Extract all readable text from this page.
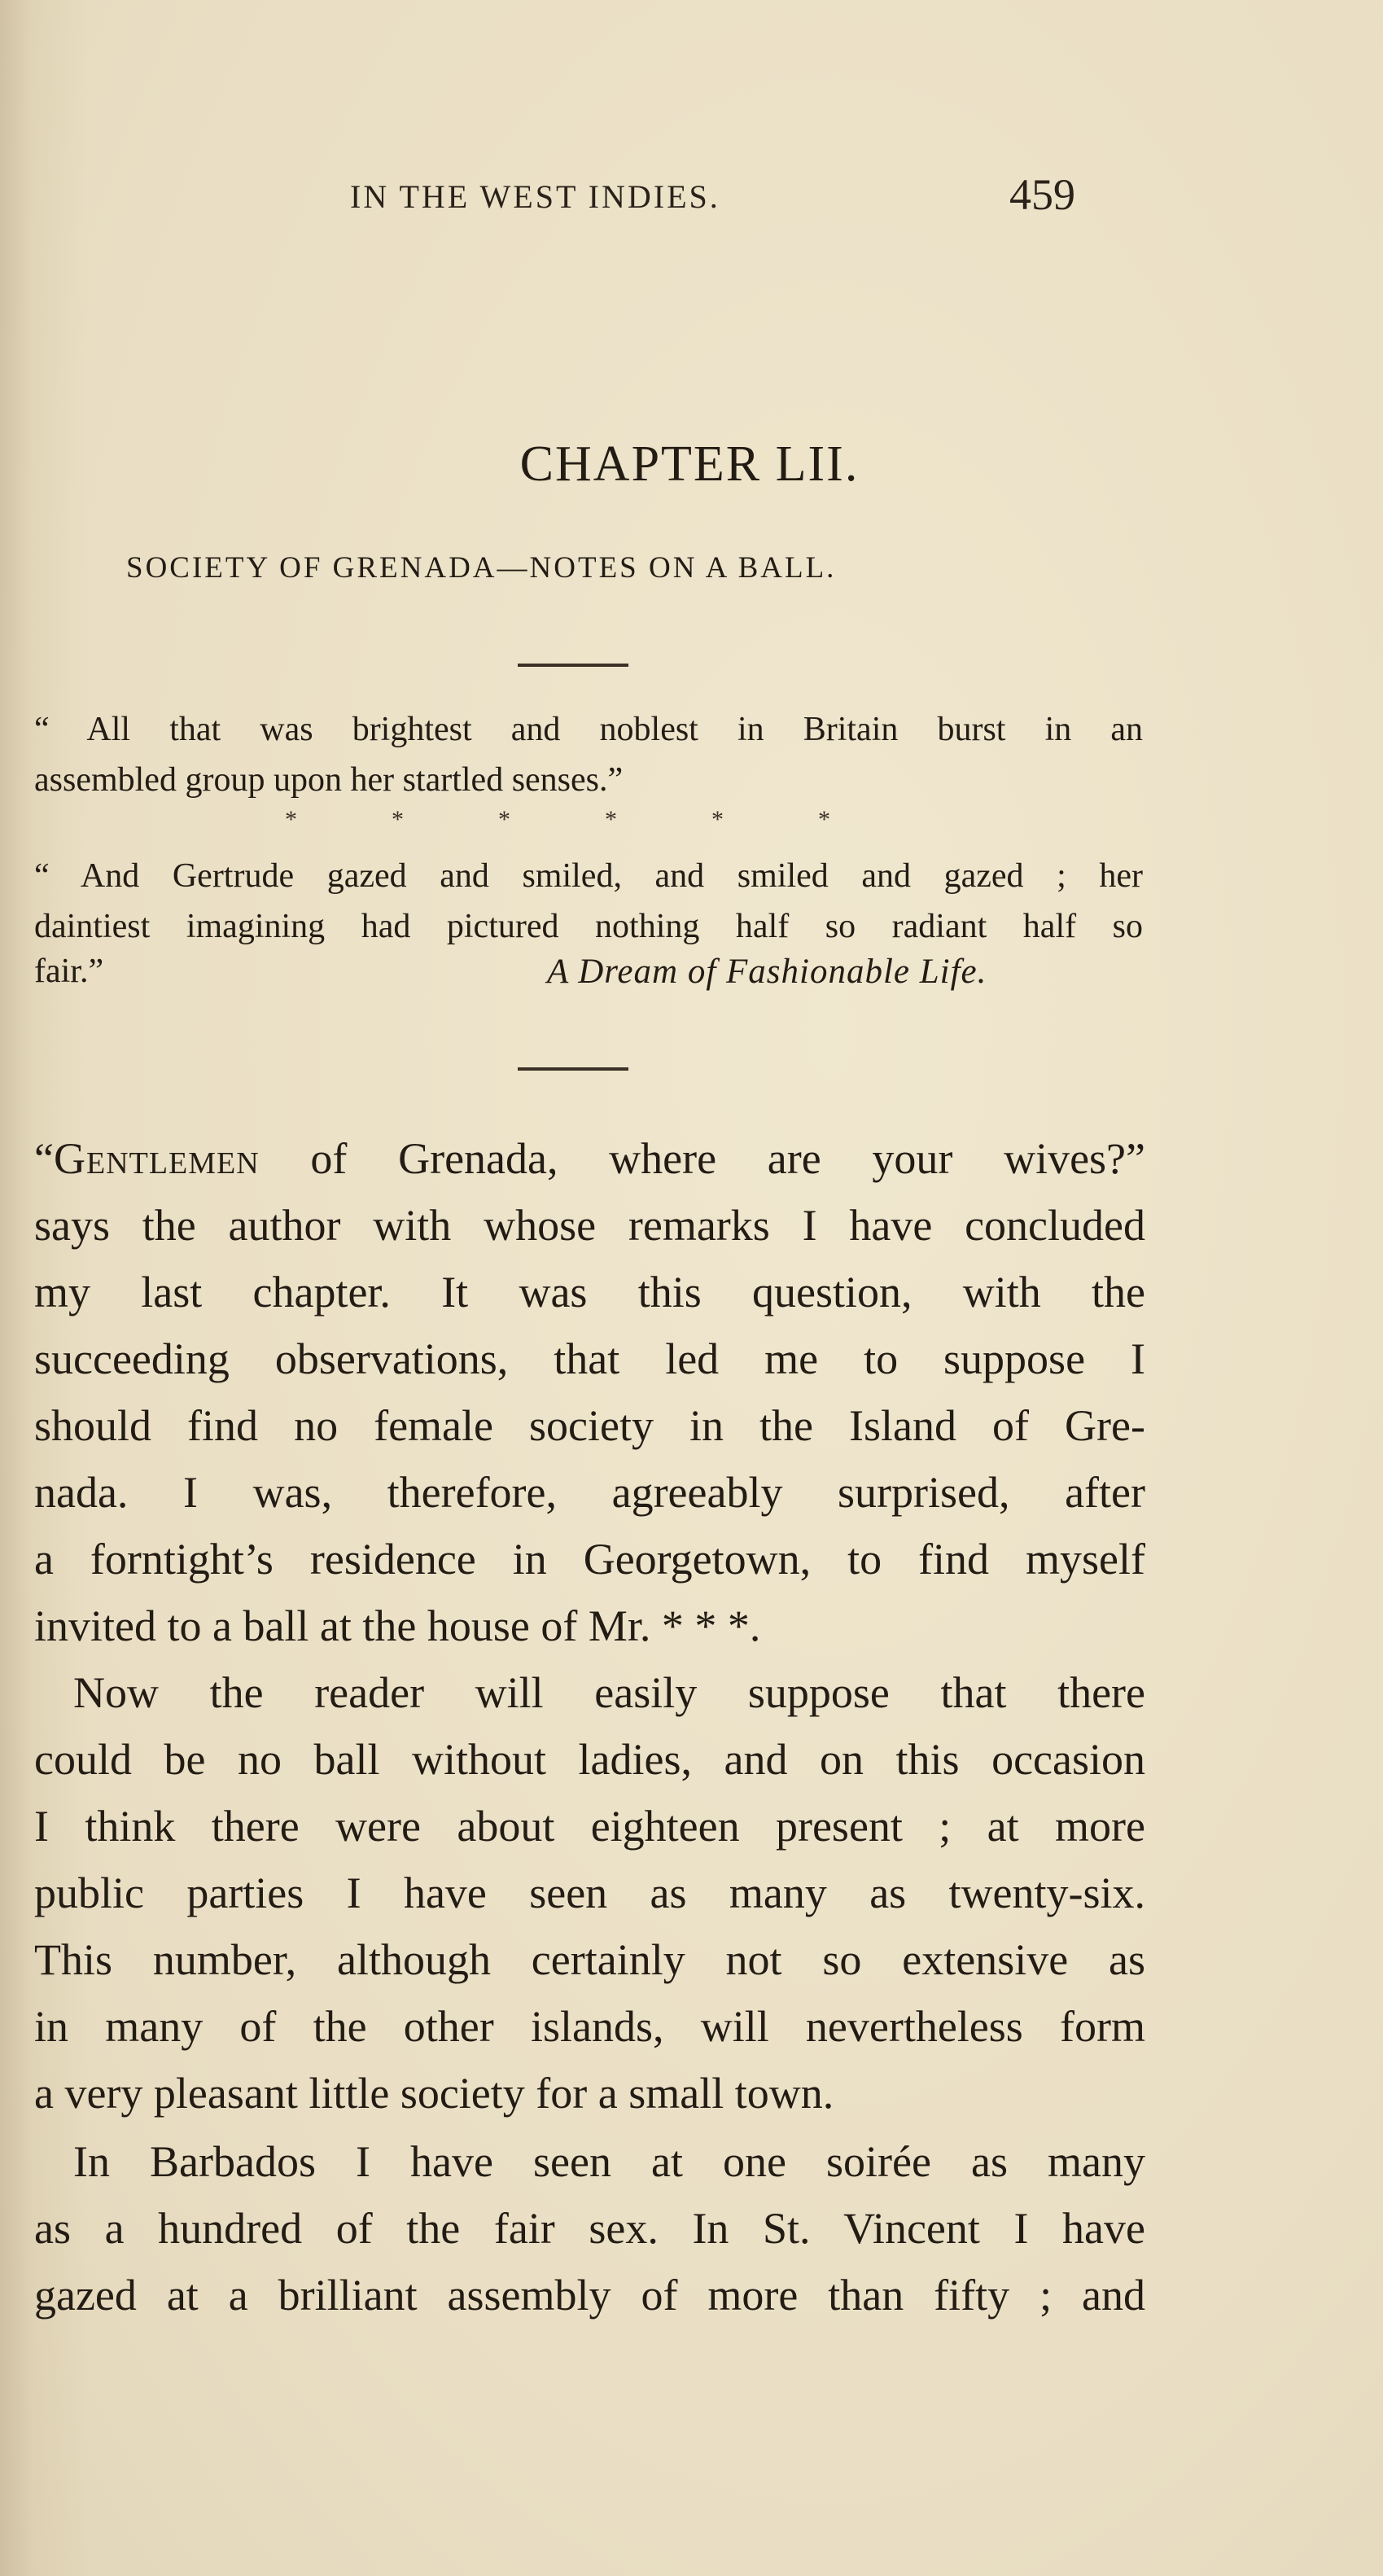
IN THE WEST INDIES.	459
CHAPTER LII.
SOCIETY OF GRENADA—NOTES ON A BALL.
“ All that was brightest and noblest in Britain burst in an
assembled group upon her startled senses.”
*	*	*	*	*	*
“ And Gertrude gazed and smiled, and smiled and gazed ; her
daintiest imagining had pictured nothing half so radiant half so
fair.”	A Dream of Fashionable Life.
“Gentlemen of Grenada, where are your wives?”
says the author with whose remarks I have concluded
my last chapter. It was this question, with the
succeeding observations, that led me to suppose I
should find no female society in the Island of Gre-
nada. I was, therefore, agreeably surprised, after
a forntight’s residence in Georgetown, to find myself
invited to a ball at the house of Mr. * * *.
Now the reader will easily suppose that there
could be no ball without ladies, and on this occasion
I think there were about eighteen present ; at more
public parties I have seen as many as twenty-six.
This number, although certainly not so extensive as
in many of the other islands, will nevertheless form
a very pleasant little society for a small town.
In Barbados I have seen at one soirée as many
as a hundred of the fair sex. In St. Vincent I have
gazed at a brilliant assembly of more than fifty ; and
